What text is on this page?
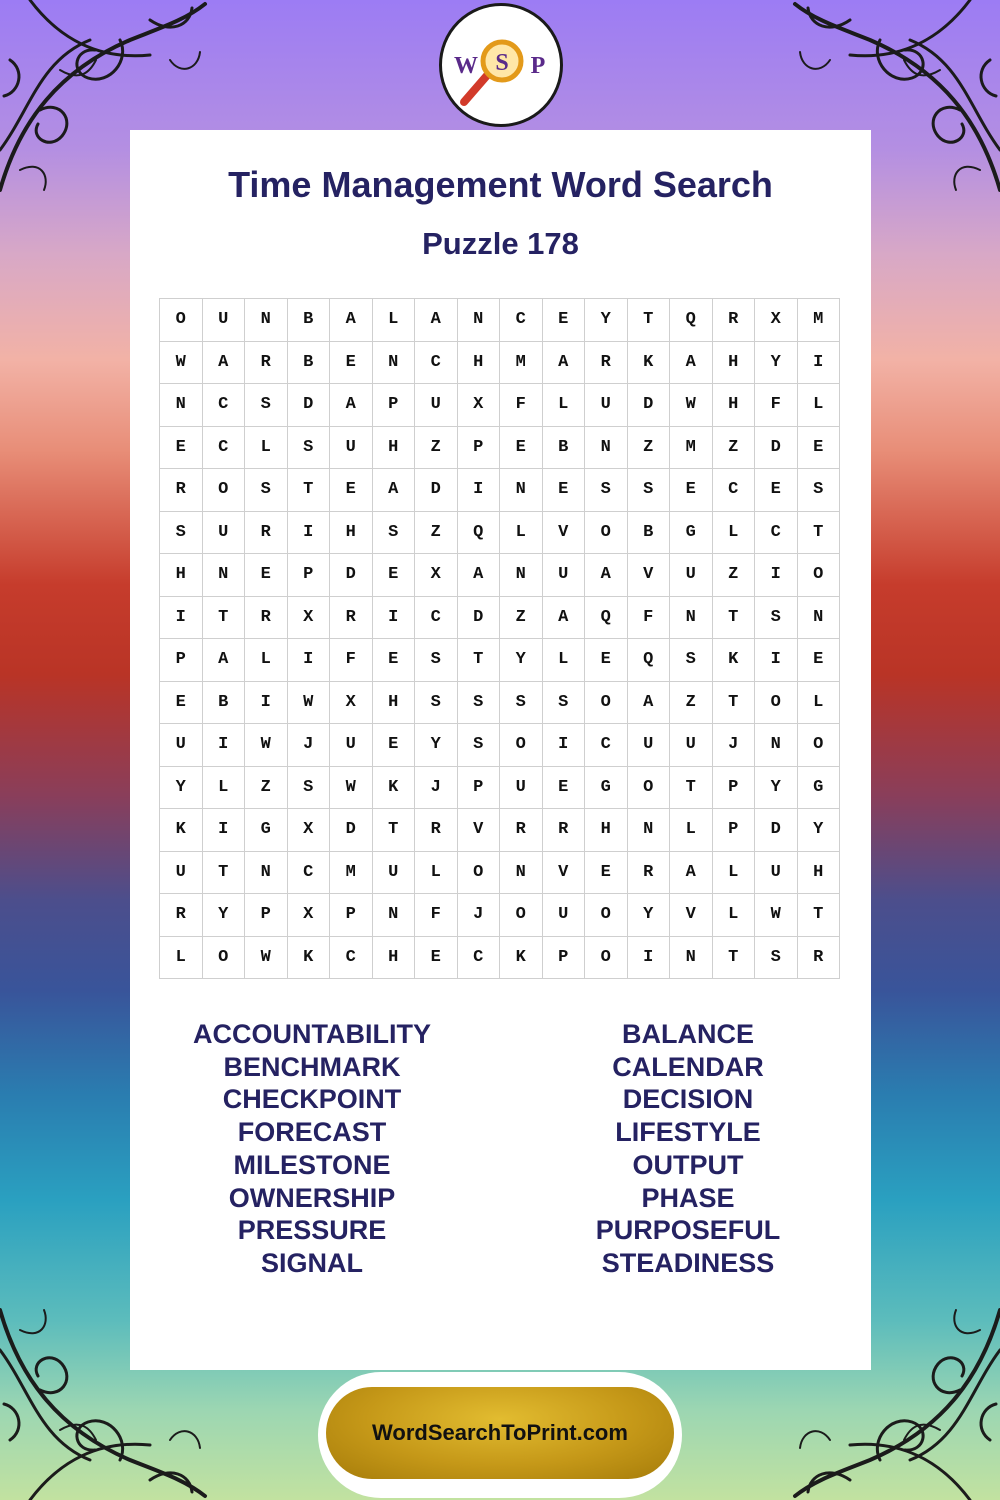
W S P
Time Management Word Search
Puzzle 178
O	U	N	B	A	L	A	N	C	E	Y	T	Q	R	X	M
W	A	R	B	E	N	C	H	M	A	R	K	A	H	Y	I
N	C	S	D	A	P	U	X	F	L	U	D	W	H	F	L
E	C	L	S	U	H	Z	P	E	B	N	Z	M	Z	D	E
R	O	S	T	E	A	D	I	N	E	S	S	E	C	E	S
S	U	R	I	H	S	Z	Q	L	V	O	B	G	L	C	T
H	N	E	P	D	E	X	A	N	U	A	V	U	Z	I	O
I	T	R	X	R	I	C	D	Z	A	Q	F	N	T	S	N
P	A	L	I	F	E	S	T	Y	L	E	Q	S	K	I	E
E	B	I	W	X	H	S	S	S	S	O	A	Z	T	O	L
U	I	W	J	U	E	Y	S	O	I	C	U	U	J	N	O
Y	L	Z	S	W	K	J	P	U	E	G	O	T	P	Y	G
K	I	G	X	D	T	R	V	R	R	H	N	L	P	D	Y
U	T	N	C	M	U	L	O	N	V	E	R	A	L	U	H
R	Y	P	X	P	N	F	J	O	U	O	Y	V	L	W	T
L	O	W	K	C	H	E	C	K	P	O	I	N	T	S	R
ACCOUNTABILITY
BENCHMARK
CHECKPOINT
FORECAST
MILESTONE
OWNERSHIP
PRESSURE
SIGNAL
BALANCE
CALENDAR
DECISION
LIFESTYLE
OUTPUT
PHASE
PURPOSEFUL
STEADINESS
WordSearchToPrint.com
